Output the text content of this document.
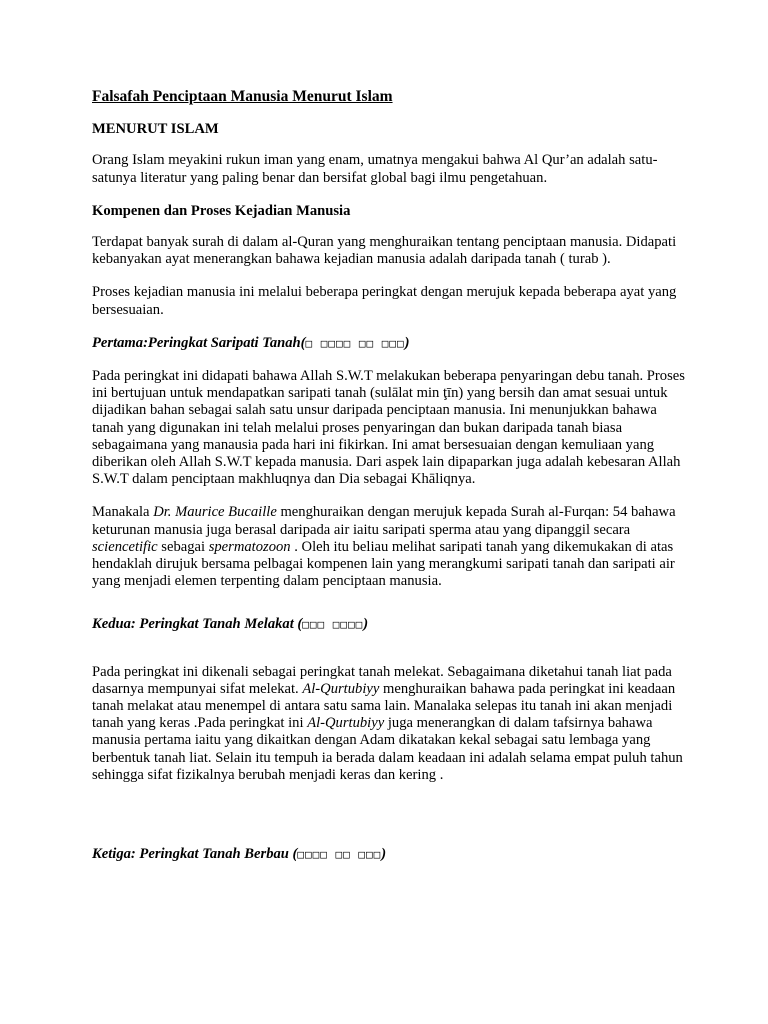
Falsafah Penciptaan Manusia Menurut Islam
MENURUT ISLAM

Orang Islam meyakini rukun iman yang enam, umatnya mengakui bahwa Al Qur’an adalah satu-satunya literatur yang paling benar dan bersifat global bagi ilmu pengetahuan.

Kompenen dan Proses Kejadian Manusia

Terdapat banyak surah di dalam al-Quran yang menghuraikan tentang penciptaan manusia. Didapati kebanyakan ayat menerangkan bahawa kejadian manusia adalah daripada tanah ( turab ).

Proses kejadian manusia ini melalui beberapa peringkat dengan merujuk kepada beberapa ayat yang bersesuaian.

Pertama:Peringkat Saripati Tanah(□ □□□□ □□ □□□)

Pada peringkat ini didapati bahawa Allah S.W.T melakukan beberapa penyaringan debu tanah. Proses ini bertujuan untuk mendapatkan saripati tanah (sulālat min ţīn) yang bersih dan amat sesuai untuk dijadikan bahan sebagai salah satu unsur daripada penciptaan manusia. Ini menunjukkan bahawa tanah yang digunakan ini telah melalui proses penyaringan dan bukan daripada tanah biasa sebagaimana yang manausia pada hari ini fikirkan. Ini amat bersesuaian dengan kemuliaan yang diberikan oleh Allah S.W.T kepada manusia. Dari aspek lain dipaparkan juga adalah kebesaran Allah S.W.T dalam penciptaan makhluqnya dan Dia sebagai Khāliqnya.

Manakala Dr. Maurice Bucaille menghuraikan dengan merujuk kepada Surah al-Furqan: 54 bahawa keturunan manusia juga berasal daripada air iaitu saripati sperma atau yang dipanggil secara sciencetific sebagai spermatozoon . Oleh itu beliau melihat saripati tanah yang dikemukakan di atas hendaklah dirujuk bersama pelbagai kompenen lain yang merangkumi saripati tanah dan saripati air yang menjadi elemen terpenting dalam penciptaan manusia.

Kedua: Peringkat Tanah Melakat (□□□ □□□□)

Pada peringkat ini dikenali sebagai peringkat tanah melekat. Sebagaimana diketahui tanah liat pada dasarnya mempunyai sifat melekat. Al-Qurtubiyy menghuraikan bahawa pada peringkat ini keadaan tanah melakat atau menempel di antara satu sama lain. Manalaka selepas itu tanah ini akan menjadi tanah yang keras .Pada peringkat ini Al-Qurtubiyy juga menerangkan di dalam tafsirnya bahawa manusia pertama iaitu yang dikaitkan dengan Adam dikatakan kekal sebagai satu lembaga yang berbentuk tanah liat. Selain itu tempuh ia berada dalam keadaan ini adalah selama empat puluh tahun sehingga sifat fizikalnya berubah menjadi keras dan kering .

Ketiga: Peringkat Tanah Berbau (□□□□ □□ □□□)
